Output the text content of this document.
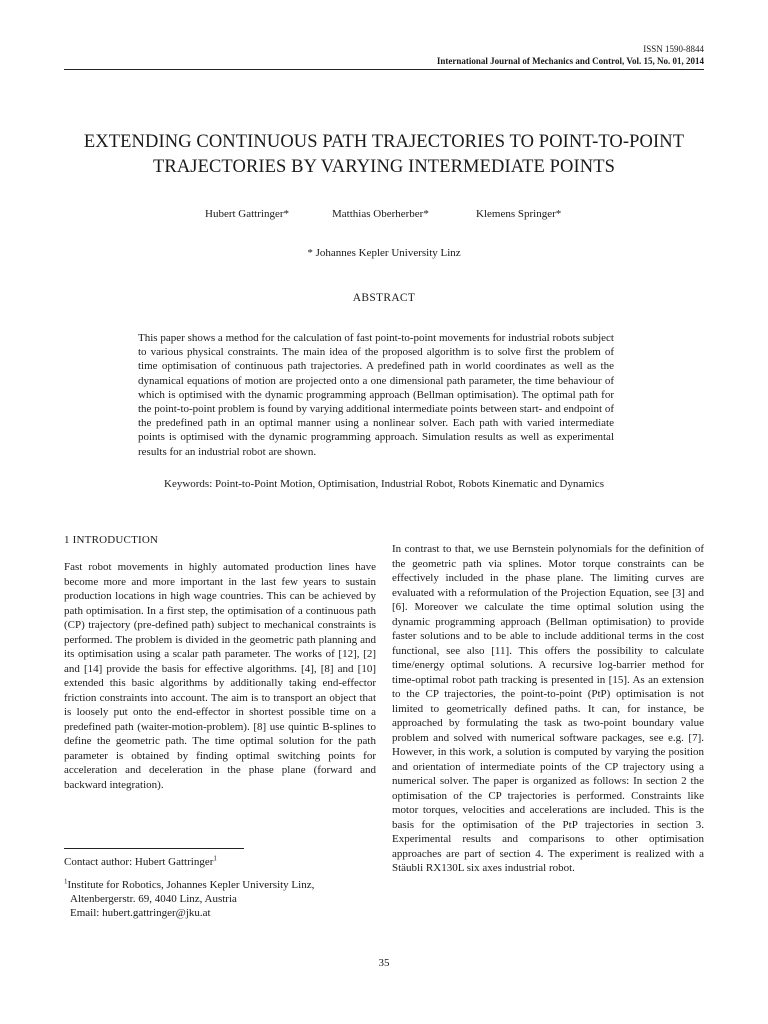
ISSN 1590-8844
International Journal of Mechanics and Control, Vol. 15, No. 01, 2014
EXTENDING CONTINUOUS PATH TRAJECTORIES TO POINT-TO-POINT TRAJECTORIES BY VARYING INTERMEDIATE POINTS
Hubert Gattringer*	Matthias Oberherber*	Klemens Springer*
* Johannes Kepler University Linz
ABSTRACT

This paper shows a method for the calculation of fast point-to-point movements for industrial robots subject to various physical constraints. The main idea of the proposed algorithm is to solve first the problem of time optimisation of continuous path trajectories. A predefined path in world coordinates as well as the dynamical equations of motion are projected onto a one dimensional path parameter, the time behaviour of which is optimised with the dynamic programming approach (Bellman optimisation). The optimal path for the point-to-point problem is found by varying additional intermediate points between start- and endpoint of the predefined path in an optimal manner using a nonlinear solver. Each path with varied intermediate points is optimised with the dynamic programming approach. Simulation results as well as experimental results for an industrial robot are shown.

Keywords: Point-to-Point Motion, Optimisation, Industrial Robot, Robots Kinematic and Dynamics
1 INTRODUCTION

Fast robot movements in highly automated production lines have become more and more important in the last few years to sustain production locations in high wage countries. This can be achieved by path optimisation. In a first step, the optimisation of a continuous path (CP) trajectory (pre-defined path) subject to mechanical constraints is performed. The problem is divided in the geometric path planning and its optimisation using a scalar path parameter. The works of [12], [2] and [14] provide the basis for effective algorithms. [4], [8] and [10] extended this basic algorithms by additionally taking end-effector friction constraints into account. The aim is to transport an object that is loosely put onto the end-effector in shortest possible time on a predefined path (waiter-motion-problem). [8] use quintic B-splines to define the geometric path. The time optimal solution for the path parameter is obtained by finding optimal switching points for acceleration and deceleration in the phase plane (forward and backward integration).

In contrast to that, we use Bernstein polynomials for the definition of the geometric path via splines. Motor torque constraints can be effectively included in the phase plane. The limiting curves are evaluated with a reformulation of the Projection Equation, see [3] and [6]. Moreover we calculate the time optimal solution using the dynamic programming approach (Bellman optimisation) to provide faster solutions and to be able to include additional terms in the cost functional, see also [11]. This offers the possibility to calculate time/energy optimal solutions. A recursive log-barrier method for time-optimal robot path tracking is presented in [15]. As an extension to the CP trajectories, the point-to-point (PtP) optimisation is not limited to geometrically defined paths. It can, for instance, be approached by formulating the task as two-point boundary value problem and solved with numerical software packages, see e.g. [7]. However, in this work, a solution is computed by varying the position and orientation of intermediate points of the CP trajectory using a numerical solver. The paper is organized as follows: In section 2 the optimisation of the CP trajectories is performed. Constraints like motor torques, velocities and accelerations are included. This is the basis for the optimisation of the PtP trajectories in section 3. Experimental results and comparisons to other optimisation approaches are part of section 4. The experiment is realized with a Stäubli RX130L six axes industrial robot.

Contact author: Hubert Gattringer$^1$
$^1$Institute for Robotics, Johannes Kepler University Linz,
Altenbergerstr. 69, 4040 Linz, Austria
Email: hubert.gattringer@jku.at
35
